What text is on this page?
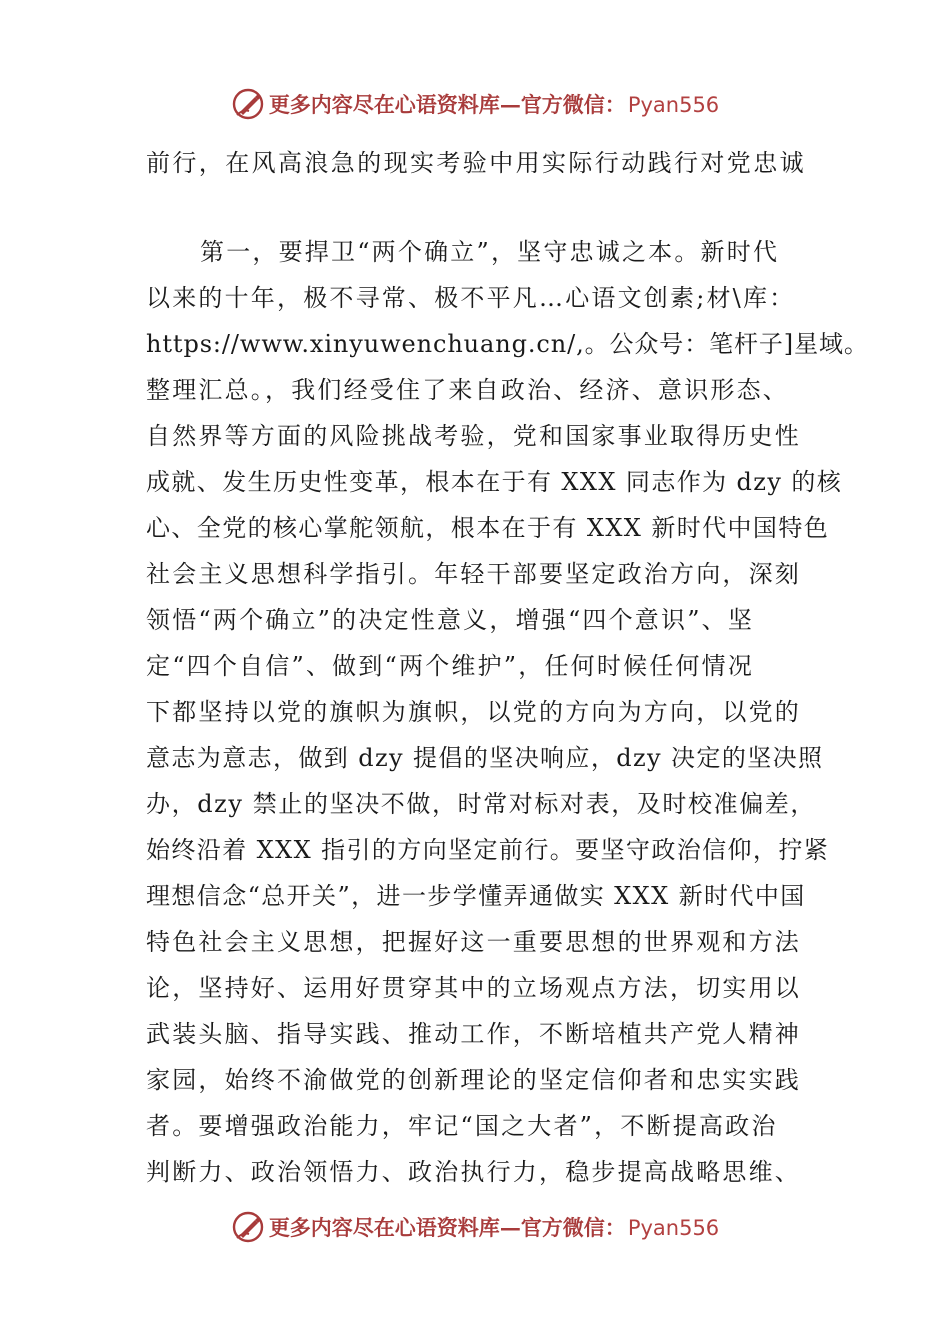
更多内容尽在心语资料库—官方微信：Pyan556
前行，在风高浪急的现实考验中用实际行动践行对党忠诚
第一，要捍卫“两个确立”，坚守忠诚之本。新时代
以来的十年，极不寻常、极不平凡…心语文创素;材\库：
https://www.xinyuwenchuang.cn/,。公众号：笔杆子]星域。
整理汇总。，我们经受住了来自政治、经济、意识形态、
自然界等方面的风险挑战考验，党和国家事业取得历史性
成就、发生历史性变革，根本在于有 XXX 同志作为 dzy 的核
心、全党的核心掌舵领航，根本在于有 XXX 新时代中国特色
社会主义思想科学指引。年轻干部要坚定政治方向，深刻
领悟“两个确立”的决定性意义，增强“四个意识”、坚
定“四个自信”、做到“两个维护”，任何时候任何情况
下都坚持以党的旗帜为旗帜，以党的方向为方向，以党的
意志为意志，做到 dzy 提倡的坚决响应，dzy 决定的坚决照
办，dzy 禁止的坚决不做，时常对标对表，及时校准偏差，
始终沿着 XXX 指引的方向坚定前行。要坚守政治信仰，拧紧
理想信念“总开关”，进一步学懂弄通做实 XXX 新时代中国
特色社会主义思想，把握好这一重要思想的世界观和方法
论，坚持好、运用好贯穿其中的立场观点方法，切实用以
武装头脑、指导实践、推动工作，不断培植共产党人精神
家园，始终不渝做党的创新理论的坚定信仰者和忠实实践
者。要增强政治能力，牢记“国之大者”，不断提高政治
判断力、政治领悟力、政治执行力，稳步提高战略思维、
更多内容尽在心语资料库—官方微信：Pyan556
